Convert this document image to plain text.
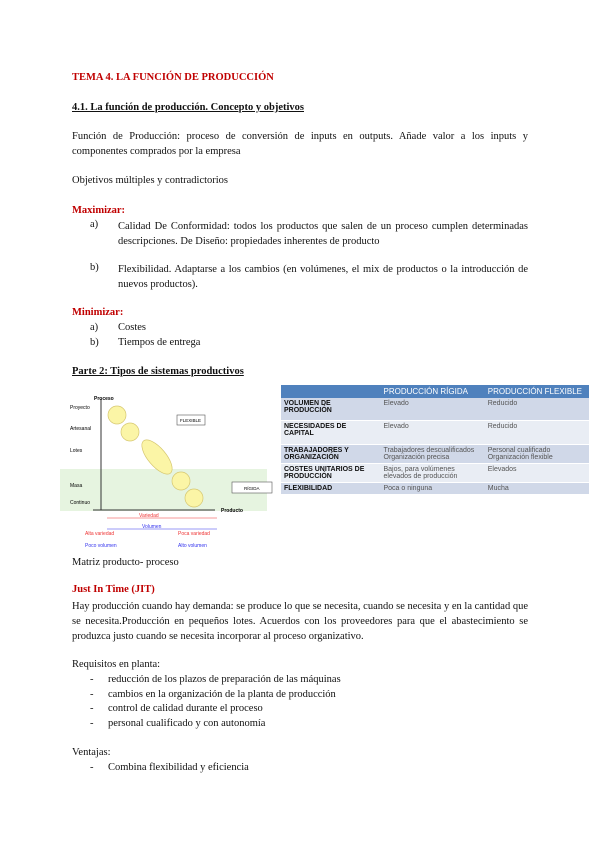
TEMA 4. LA FUNCIÓN DE PRODUCCIÓN
4.1. La función de producción. Concepto y objetivos
Función de Producción: proceso de conversión de inputs en outputs. Añade valor a los inputs y componentes comprados por la empresa
Objetivos múltiples y contradictorios
Maximizar:
a) Calidad De Conformidad: todos los productos que salen de un proceso cumplen determinadas descripciones. De Diseño: propiedades inherentes de producto
b) Flexibilidad. Adaptarse a los cambios (en volúmenes, el mix de productos o la introducción de nuevos productos).
Minimizar:
a) Costes
b) Tiempos de entrega
Parte 2: Tipos de sistemas productivos
Proceso
Producto
Proyecto
Artesanal
Lotes
Masa
Continuo
FLEXIBLE
RÍGIDA
Variedad
Volumen
Alta variedad
Poco volumen
Poca variedad
Alto volumen
	PRODUCCIÓN RÍGIDA	PRODUCCIÓN FLEXIBLE
VOLUMEN DE PRODUCCIÓN	Elevado	Reducido
NECESIDADES DE CAPITAL	Elevado	Reducido
TRABAJADORES Y ORGANIZACIÓN	Trabajadores descualificados Organización precisa	Personal cualificado Organización flexible
COSTES UNITARIOS DE PRODUCCIÓN	Bajos, para volúmenes elevados de producción	Elevados
FLEXIBILIDAD	Poca o ninguna	Mucha
Matriz producto- proceso
Just In Time (JIT)
Hay producción cuando hay demanda: se produce lo que se necesita, cuando se necesita y en la cantidad que se necesita.Producción en pequeños lotes. Acuerdos con los proveedores para que el abastecimiento se produzca justo cuando se necesita incorporar al proceso organizativo.
Requisitos en planta:
- reducción de los plazos de preparación de las máquinas
- cambios en la organización de la planta de producción
- control de calidad durante el proceso
- personal cualificado y con autonomía
Ventajas:
- Combina flexibilidad y eficiencia
